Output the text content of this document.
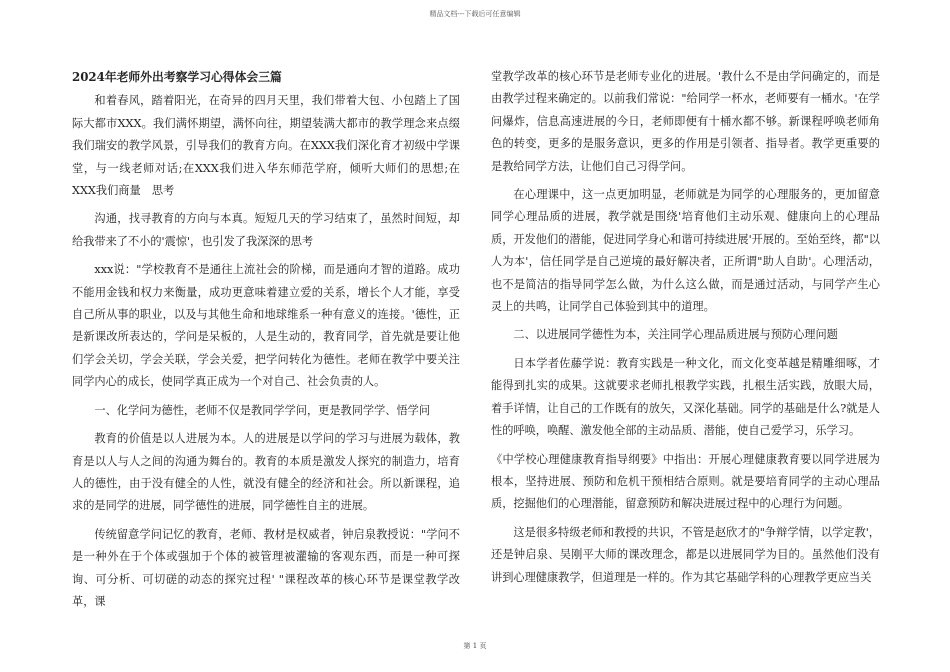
精品文档---下载后可任意编辑

2024年老师外出考察学习心得体会三篇

和着春风，踏着阳光，在奇异的四月天里，我们带着大包、小包踏上了国际大都市XXX。我们满怀期望，满怀向往，期望装满大都市的教学理念来点缀我们瑞安的教学风景，引导我们的教育方向。在XXX我们深化育才初级中学课堂，与一线老师对话;在XXX我们进入华东师范学府，倾听大师们的思想;在XXX我们商量　思考

沟通，找寻教育的方向与本真。短短几天的学习结束了，虽然时间短，却给我带来了不小的'震惊'，也引发了我深深的思考

xxx说："学校教育不是通往上流社会的阶梯，而是通向才智的道路。成功不能用金钱和权力来衡量，成功更意味着建立爱的关系，增长个人才能，享受自己所从事的职业，以及与其他生命和地球维系一种有意义的连接。'德性，正是新课改所表达的，学问是呆板的，人是生动的，教育同学，首先就是要让他们学会关切，学会关联，学会关爱，把学问转化为德性。老师在教学中要关注同学内心的成长，使同学真正成为一个对自己、社会负责的人。

一、化学问为德性，老师不仅是教同学学问，更是教同学学、悟学问

教育的价值是以人进展为本。人的进展是以学问的学习与进展为载体，教育是以人与人之间的沟通为舞台的。教育的本质是激发人探究的制造力，培育人的德性，由于没有健全的人性，就没有健全的经济和社会。所以新课程，追求的是同学的进展，同学德性的进展，同学德性自主的进展。

传统留意学问记忆的教育，老师、教材是权威者，钟启泉教授说："学问不是一种外在于个体或强加于个体的被管理被灌输的客观东西，而是一种可探询、可分析、可切磋的动态的探究过程' "课程改革的核心环节是课堂教学改革，课

堂教学改革的核心环节是老师专业化的进展。'教什么不是由学问确定的，而是由教学过程来确定的。以前我们常说："给同学一杯水，老师要有一桶水。'在学问爆炸，信息高速进展的今日，老师即便有十桶水都不够。新课程呼唤老师角色的转变，更多的是服务意识，更多的作用是引领者、指导者。教学更重要的是教给同学方法，让他们自己习得学问。

在心理课中，这一点更加明显，老师就是为同学的心理服务的，更加留意同学心理品质的进展，教学就是围绕'培育他们主动乐观、健康向上的心理品质，开发他们的潜能，促进同学身心和谐可持续进展'开展的。至始至终，都"以人为本'，信任同学是自己逆境的最好解决者，正所谓"助人自助'。心理活动，也不是简洁的指导同学怎么做，为什么这么做，而是通过活动，与同学产生心灵上的共鸣，让同学自己体验到其中的道理。

二、以进展同学德性为本，关注同学心理品质进展与预防心理问题

日本学者佐藤学说：教育实践是一种文化，而文化变革越是精雕细啄，才能得到扎实的成果。这就要求老师扎根教学实践，扎根生活实践，放眼大局，着手详情，让自己的工作既有的放矢，又深化基础。同学的基础是什么?就是人性的呼唤，唤醒、激发他全部的主动品质、潜能，使自己爱学习，乐学习。

《中学校心理健康教育指导纲要》中指出：开展心理健康教育要以同学进展为根本，坚持进展、预防和危机干预相结合原则。就是要培育同学的主动心理品质，挖掘他们的心理潜能，留意预防和解决进展过程中的心理行为问题。

这是很多特级老师和教授的共识，不管是赵欣才的"争辩学情，以学定教'，还是钟启泉、吴刚平大师的课改理念，都是以进展同学为目的。虽然他们没有讲到心理健康教学，但道理是一样的。作为其它基础学科的心理教学更应当关

第 1 页
